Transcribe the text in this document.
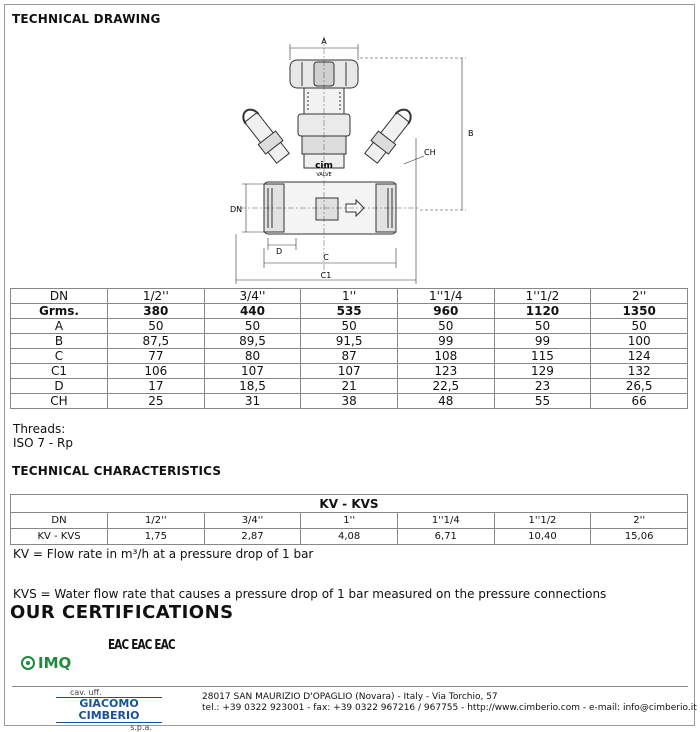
TECHNICAL DRAWING
A
B
CH
DN
D
C
C1
cim
VALVE
DN	1/2''	3/4''	1''	1''1/4	1''1/2	2''
Grms.	380	440	535	960	1120	1350
A	50	50	50	50	50	50
B	87,5	89,5	91,5	99	99	100
C	77	80	87	108	115	124
C1	106	107	107	123	129	132
D	17	18,5	21	22,5	23	26,5
CH	25	31	38	48	55	66
Threads:
ISO 7 - Rp
TECHNICAL CHARACTERISTICS
KV - KVS						
DN	1/2''	3/4''	1''	1''1/4	1''1/2	2''
KV - KVS	1,75	2,87	4,08	6,71	10,40	15,06
KV = Flow rate in m³/h at a pressure drop of 1 bar
KVS = Water flow rate that causes a pressure drop of 1 bar measured on the pressure connections
OUR CERTIFICATIONS
EAC EAC EAC
IMQ
cav. uff.
GIACOMO CIMBERIO
s.p.a.
28017 SAN MAURIZIO D'OPAGLIO (Novara) - Italy - Via Torchio, 57
tel.: +39 0322 923001 - fax: +39 0322 967216 / 967755 - http://www.cimberio.com - e-mail: info@cimberio.it
